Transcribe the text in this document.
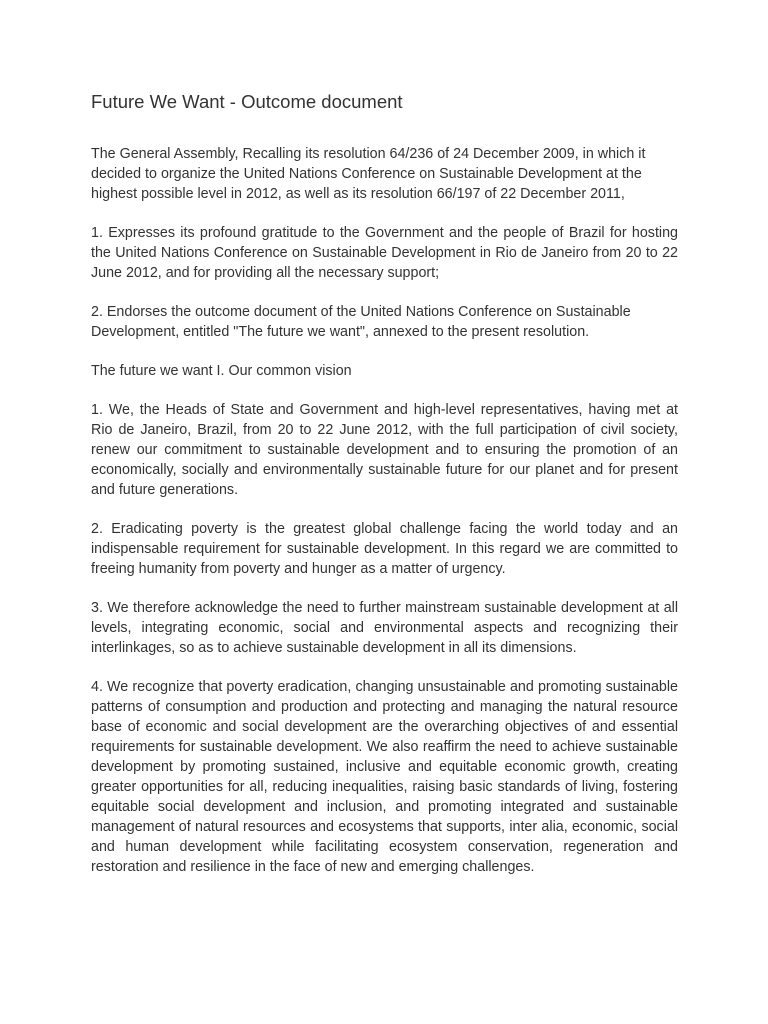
Future We Want - Outcome document

The General Assembly, Recalling its resolution 64/236 of 24 December 2009, in which it decided to organize the United Nations Conference on Sustainable Development at the highest possible level in 2012, as well as its resolution 66/197 of 22 December 2011,

1. Expresses its profound gratitude to the Government and the people of Brazil for hosting the United Nations Conference on Sustainable Development in Rio de Janeiro from 20 to 22 June 2012, and for providing all the necessary support;

2. Endorses the outcome document of the United Nations Conference on Sustainable Development, entitled "The future we want", annexed to the present resolution.

The future we want I. Our common vision

1. We, the Heads of State and Government and high-level representatives, having met at Rio de Janeiro, Brazil, from 20 to 22 June 2012, with the full participation of civil society, renew our commitment to sustainable development and to ensuring the promotion of an economically, socially and environmentally sustainable future for our planet and for present and future generations.

2. Eradicating poverty is the greatest global challenge facing the world today and an indispensable requirement for sustainable development. In this regard we are committed to freeing humanity from poverty and hunger as a matter of urgency.

3. We therefore acknowledge the need to further mainstream sustainable development at all levels, integrating economic, social and environmental aspects and recognizing their interlinkages, so as to achieve sustainable development in all its dimensions.

4. We recognize that poverty eradication, changing unsustainable and promoting sustainable patterns of consumption and production and protecting and managing the natural resource base of economic and social development are the overarching objectives of and essential requirements for sustainable development. We also reaffirm the need to achieve sustainable development by promoting sustained, inclusive and equitable economic growth, creating greater opportunities for all, reducing inequalities, raising basic standards of living, fostering equitable social development and inclusion, and promoting integrated and sustainable management of natural resources and ecosystems that supports, inter alia, economic, social and human development while facilitating ecosystem conservation, regeneration and restoration and resilience in the face of new and emerging challenges.
